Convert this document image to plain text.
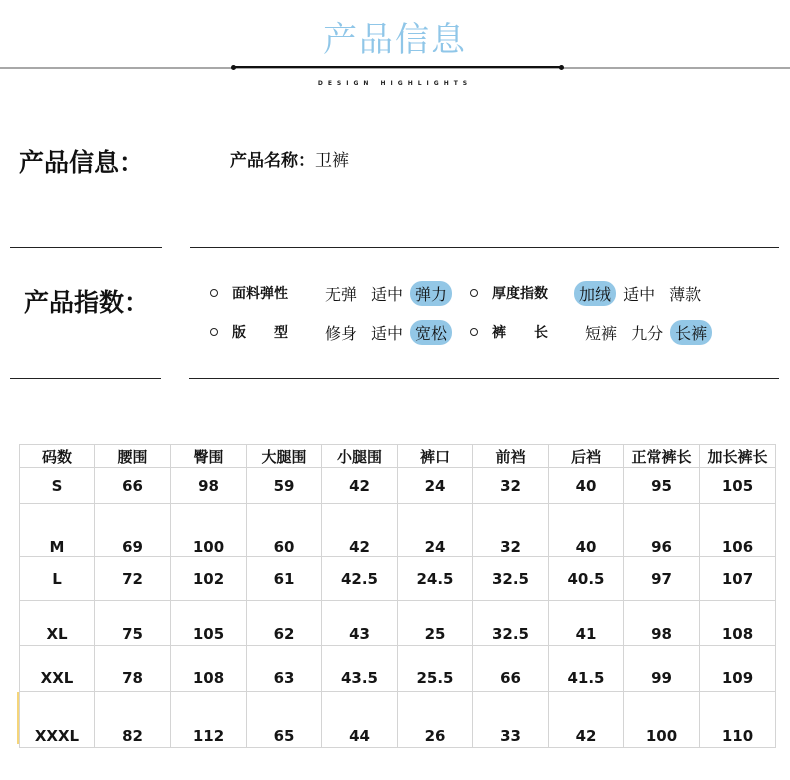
产品信息
DESIGN HIGHLIGHTS
产品信息：	产品名称：卫裤
产品指数：	面料弹性	无弹 适中 弹力	厚度指数	加绒 适中 薄款
版　　型	修身 适中 宽松	裤　　长	短裤 九分 长裤
码数	腰围	臀围	大腿围	小腿围	裤口	前裆	后裆	正常裤长	加长裤长
S	66	98	59	42	24	32	40	95	105
M	69	100	60	42	24	32	40	96	106
L	72	102	61	42.5	24.5	32.5	40.5	97	107
XL	75	105	62	43	25	32.5	41	98	108
XXL	78	108	63	43.5	25.5	66	41.5	99	109
XXXL	82	112	65	44	26	33	42	100	110
